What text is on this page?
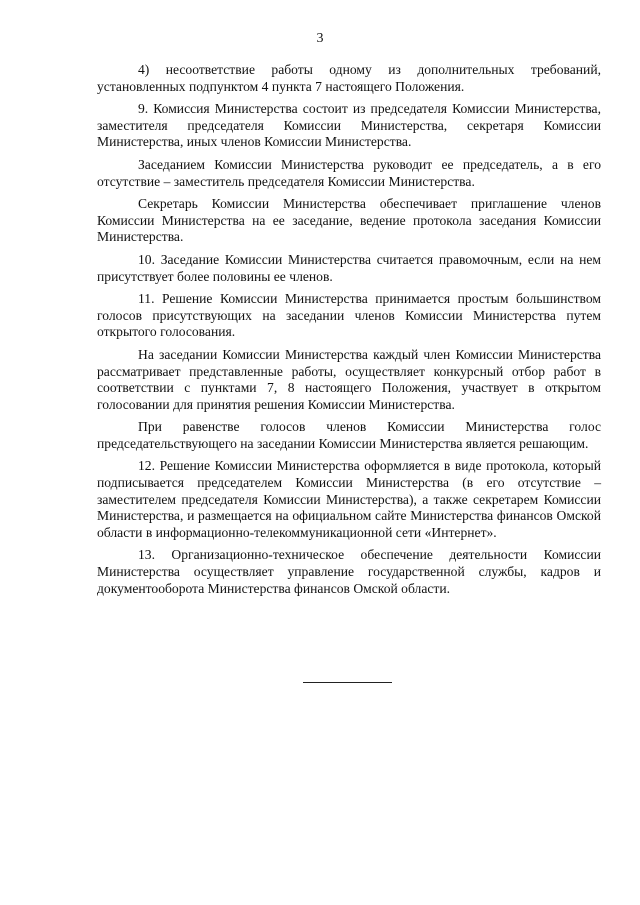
3

4) несоответствие работы одному из дополнительных требований, установленных подпунктом 4 пункта 7 настоящего Положения.

9. Комиссия Министерства состоит из председателя Комиссии Министерства, заместителя председателя Комиссии Министерства, секретаря Комиссии Министерства, иных членов Комиссии Министерства.

Заседанием Комиссии Министерства руководит ее председатель, а в его отсутствие – заместитель председателя Комиссии Министерства.

Секретарь Комиссии Министерства обеспечивает приглашение членов Комиссии Министерства на ее заседание, ведение протокола заседания Комиссии Министерства.

10. Заседание Комиссии Министерства считается правомочным, если на нем присутствует более половины ее членов.

11. Решение Комиссии Министерства принимается простым большинством голосов присутствующих на заседании членов Комиссии Министерства путем открытого голосования.

На заседании Комиссии Министерства каждый член Комиссии Министерства рассматривает представленные работы, осуществляет конкурсный отбор работ в соответствии с пунктами 7, 8 настоящего Положения, участвует в открытом голосовании для принятия решения Комиссии Министерства.

При равенстве голосов членов Комиссии Министерства голос председательствующего на заседании Комиссии Министерства является решающим.

12. Решение Комиссии Министерства оформляется в виде протокола, который подписывается председателем Комиссии Министерства (в его отсутствие – заместителем председателя Комиссии Министерства), а также секретарем Комиссии Министерства, и размещается на официальном сайте Министерства финансов Омской области в информационно-телекоммуникационной сети «Интернет».

13. Организационно-техническое обеспечение деятельности Комиссии Министерства осуществляет управление государственной службы, кадров и документооборота Министерства финансов Омской области.
